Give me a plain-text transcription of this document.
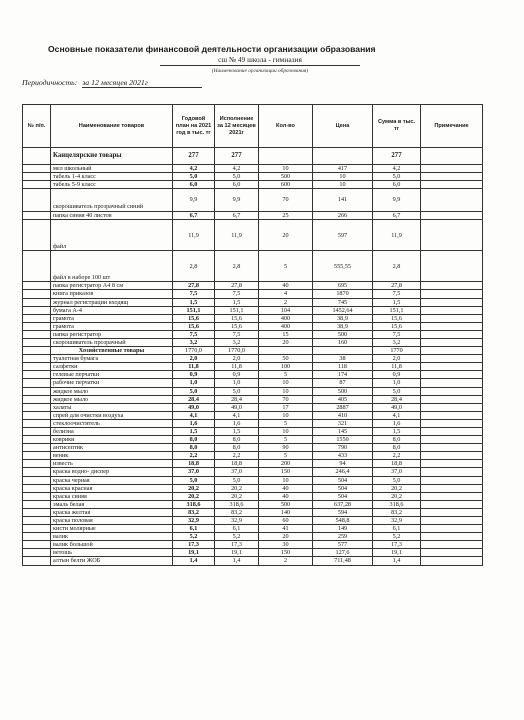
Основные показатели финансовой деятельности организации образования
сш № 49 школа - гимназия
(Наименование организации образования)
Периодичность: за 12 месяцев 2021г
№ п/п.	Наименование товаров	Годовой план на 2021 год в тыс. тг	Исполнение за 12 месяцев 2021г	Кол-во	Цена	Сумма в тыс. тг	Примечание
	Канцелярские товары	277	277			277	
	мел школьный	4,2	4,2	10	417	4,2	
	табель 1-4 класс	5,0	5,0	500	10	5,0	
	табель 5-9 класс	6,0	6,0	600	10	6,0	
	скорошиватель прозрачный синий	9,9	9,9	70	141	9,9	
	папка синяя 40 листов	6,7	6,7	25	266	6,7	
	файл	11,9	11,9	20	597	11,9	
	файл в наборе 100 шт	2,8	2,8	5	555,55	2,8	
	папка регистратор А4 8 см	27,8	27,8	40	695	27,8	
	книга приказов	7,5	7,5	4	1870	7,5	
	журнал регистрации входящ	1,5	1,5	2	745	1,5	
	бумага А-4	151,1	151,1	104	1452,64	151,1	
	грамота	15,6	15,6	400	38,9	15,6	
	грамота	15,6	15,6	400	38,9	15,6	
	папка регистратор	7,5	7,5	15	500	7,5	
	скорошиватель прозрачный	3,2	3,2	20	160	3,2	
	Хозяйственные товары	1770,0	1770,0			1770	
	туалетная бумага	2,0	2,0	50	38	2,0	
	салфетки	11,8	11,8	100	118	11,8	
	гелевые перчатки	0,9	0,9	5	174	0,9	
	рабочие перчатки	1,0	1,0	10	87	1,0	
	жидкое мыло	5,0	5,0	10	500	5,0	
	жидкое мыло	28,4	28,4	70	405	28,4	
	халаты	49,0	49,0	17	2887	49,0	
	спрей для очистки воздуха	4,1	4,1	10	410	4,1	
	стеклоочиститель	1,6	1,6	5	321	1,6	
	белизна	1,5	1,5	10	145	1,5	
	коврики	8,0	8,0	5	1550	8,0	
	антисептик	8,0	8,0	90	790	8,0	
	веник	2,2	2,2	5	433	2,2	
	известь	18,8	18,8	200	94	18,8	
	краска водно- диспер	37,0	37,0	150	246,4	37,0	
	краска черная	5,0	5,0	10	504	5,0	
	краска красная	20,2	20,2	40	504	20,2	
	краска синяя	20,2	20,2	40	504	20,2	
	эмаль белая	318,6	318,6	500	637,28	318,6	
	краска желтая	83,2	83,2	140	594	83,2	
	краска половая	32,9	32,9	60	548,8	32,9	
	кисти молярные	6,1	6,1	41	149	6,1	
	валик	5,2	5,2	20	259	5,2	
	валик большой	17,3	17,3	30	577	17,3	
	ветошь	19,1	19,1	150	127,6	19,1	
	алтын белги ЖОБ	1,4	1,4	2	711,48	1,4	
